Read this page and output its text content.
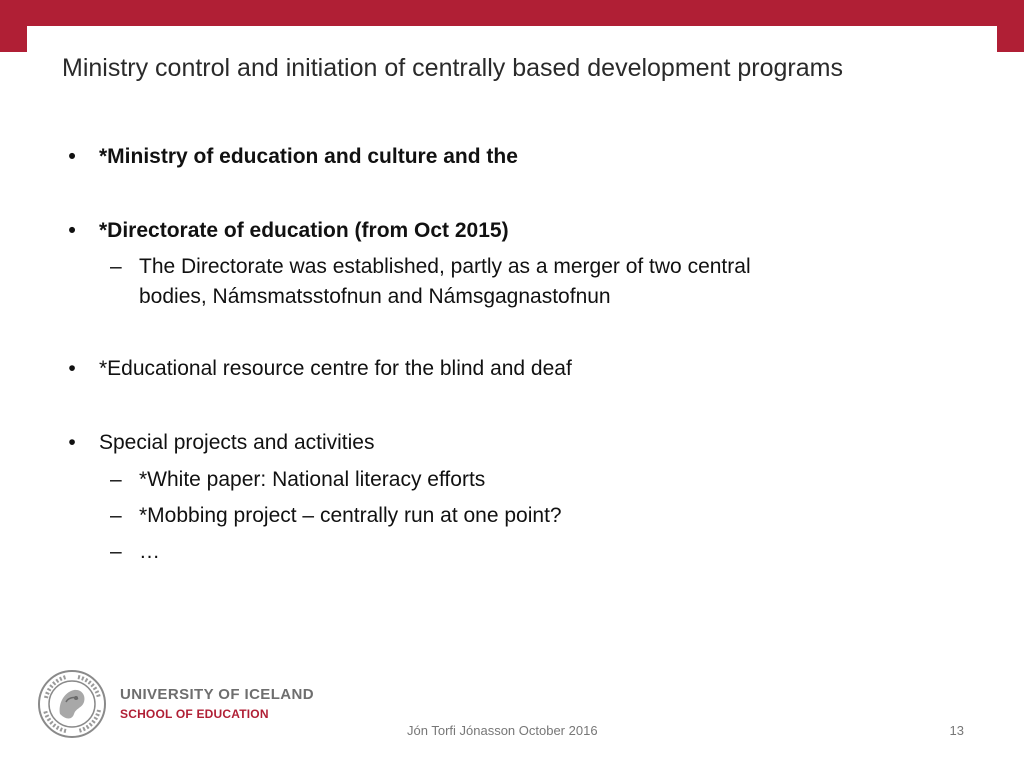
Ministry control and initiation of centrally based development programs
•	*Ministry of education and culture and the
•	*Directorate of education (from Oct 2015)
– The Directorate was established, partly as a merger of two central
bodies, Námsmatsstofnun and Námsgagnastofnun
•	*Educational resource centre for the blind and deaf
•	Special projects and activities
– *White paper: National literacy efforts
– *Mobbing project – centrally run at one point?
– …
UNIVERSITY OF ICELAND
SCHOOL OF EDUCATION
Jón Torfi Jónasson October 2016	13
